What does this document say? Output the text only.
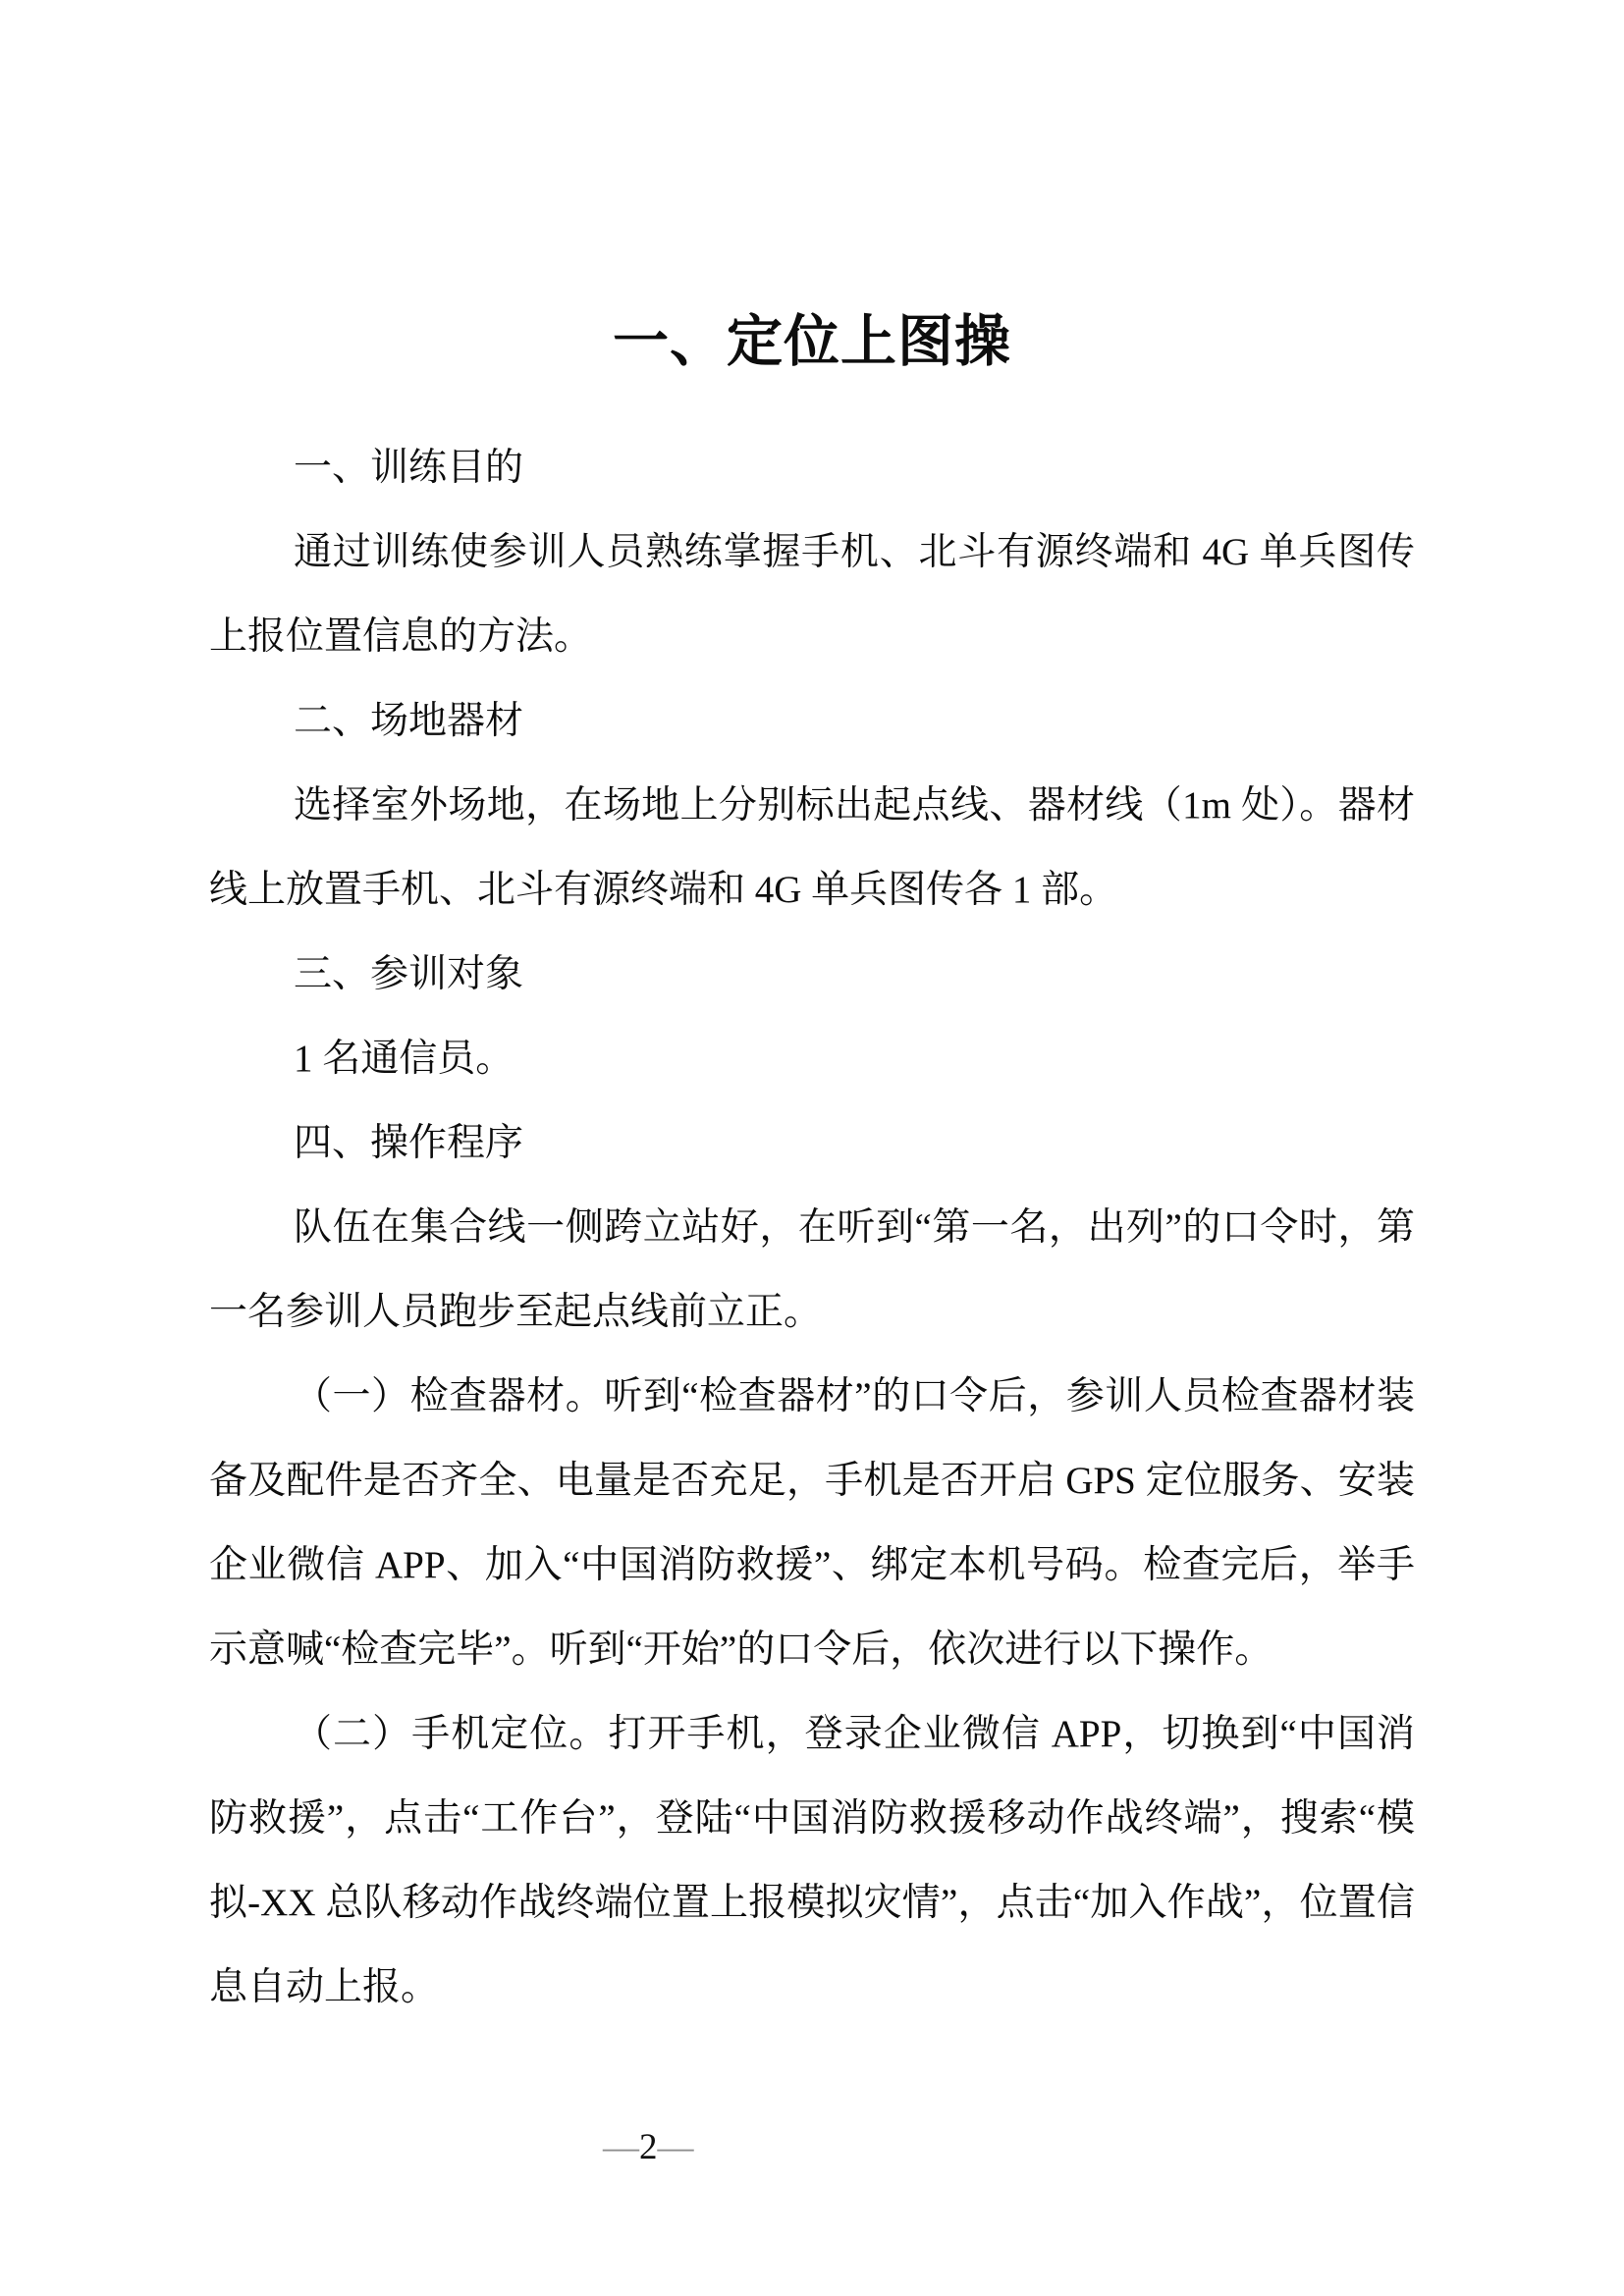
一、定位上图操

一、训练目的

通过训练使参训人员熟练掌握手机、北斗有源终端和 4G 单兵图传上报位置信息的方法。

二、场地器材

选择室外场地，在场地上分别标出起点线、器材线（1m 处）。器材线上放置手机、北斗有源终端和 4G 单兵图传各 1 部。

三、参训对象

1 名通信员。

四、操作程序

队伍在集合线一侧跨立站好，在听到“第一名，出列”的口令时，第一名参训人员跑步至起点线前立正。

（一）检查器材。听到“检查器材”的口令后，参训人员检查器材装备及配件是否齐全、电量是否充足，手机是否开启 GPS 定位服务、安装企业微信 APP、加入“中国消防救援”、绑定本机号码。检查完后，举手示意喊“检查完毕”。听到“开始”的口令后，依次进行以下操作。

（二）手机定位。打开手机，登录企业微信 APP，切换到“中国消防救援”，点击“工作台”，登陆“中国消防救援移动作战终端”，搜索“模拟-XX 总队移动作战终端位置上报模拟灾情”，点击“加入作战”，位置信息自动上报。

—2—
